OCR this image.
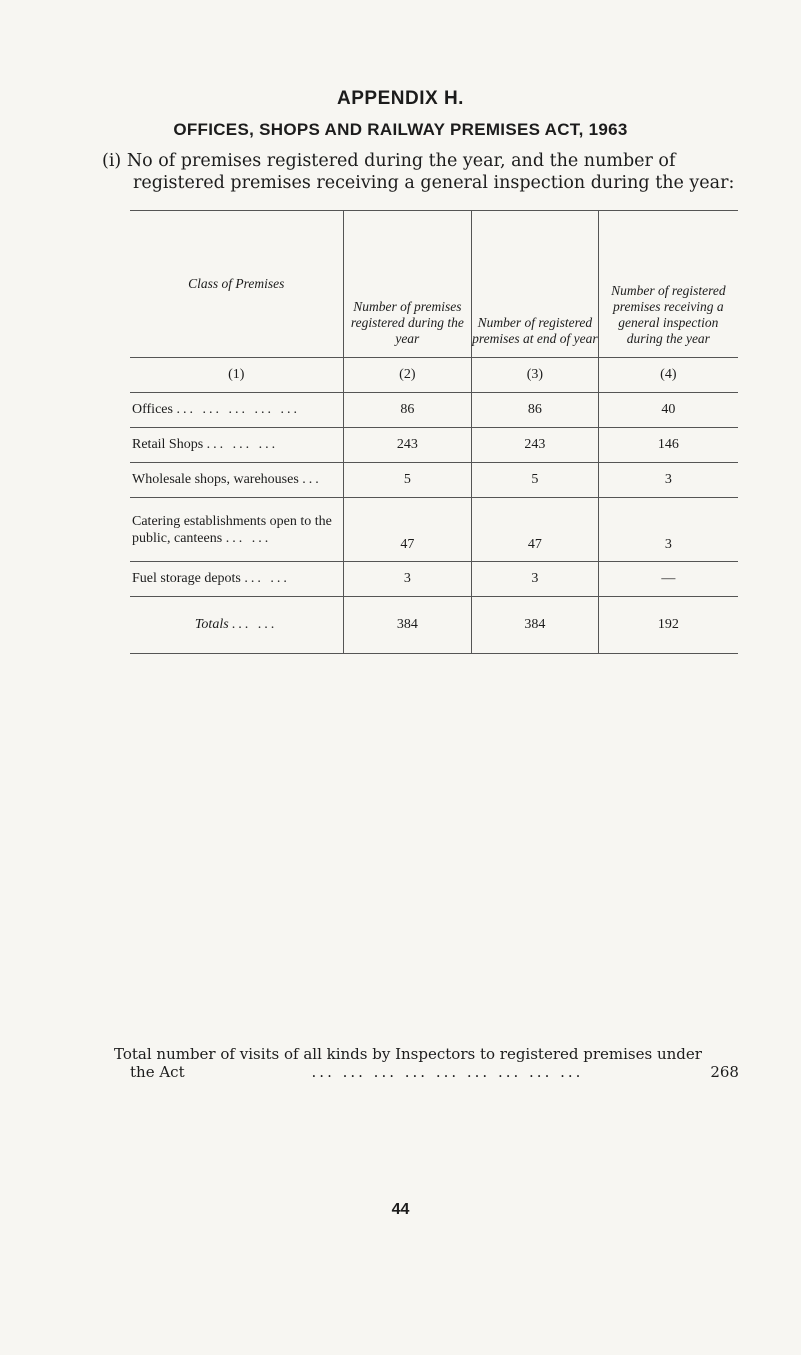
APPENDIX H.
OFFICES, SHOPS AND RAILWAY PREMISES ACT, 1963
(i) No of premises registered during the year, and the number of
registered premises receiving a general inspection during the year:
Class of Premises	Number of premises registered during the year	Number of registered premises at end of year	Number of registered premises receiving a general inspection during the year

(1)	(2)	(3)	(4)
Offices ... ... ... ... ...	86	86	40
Retail Shops ... ... ...	243	243	146
Wholesale shops, warehouses ...	5	5	3
Catering establishments open to the public, canteens ... ...	47	47	3
Fuel storage depots ... ...	3	3	—
Totals ... ...	384	384	192
Total number of visits of all kinds by Inspectors to registered premises under
the Act	... ... ... ... ... ... ... ... ...	268
44
